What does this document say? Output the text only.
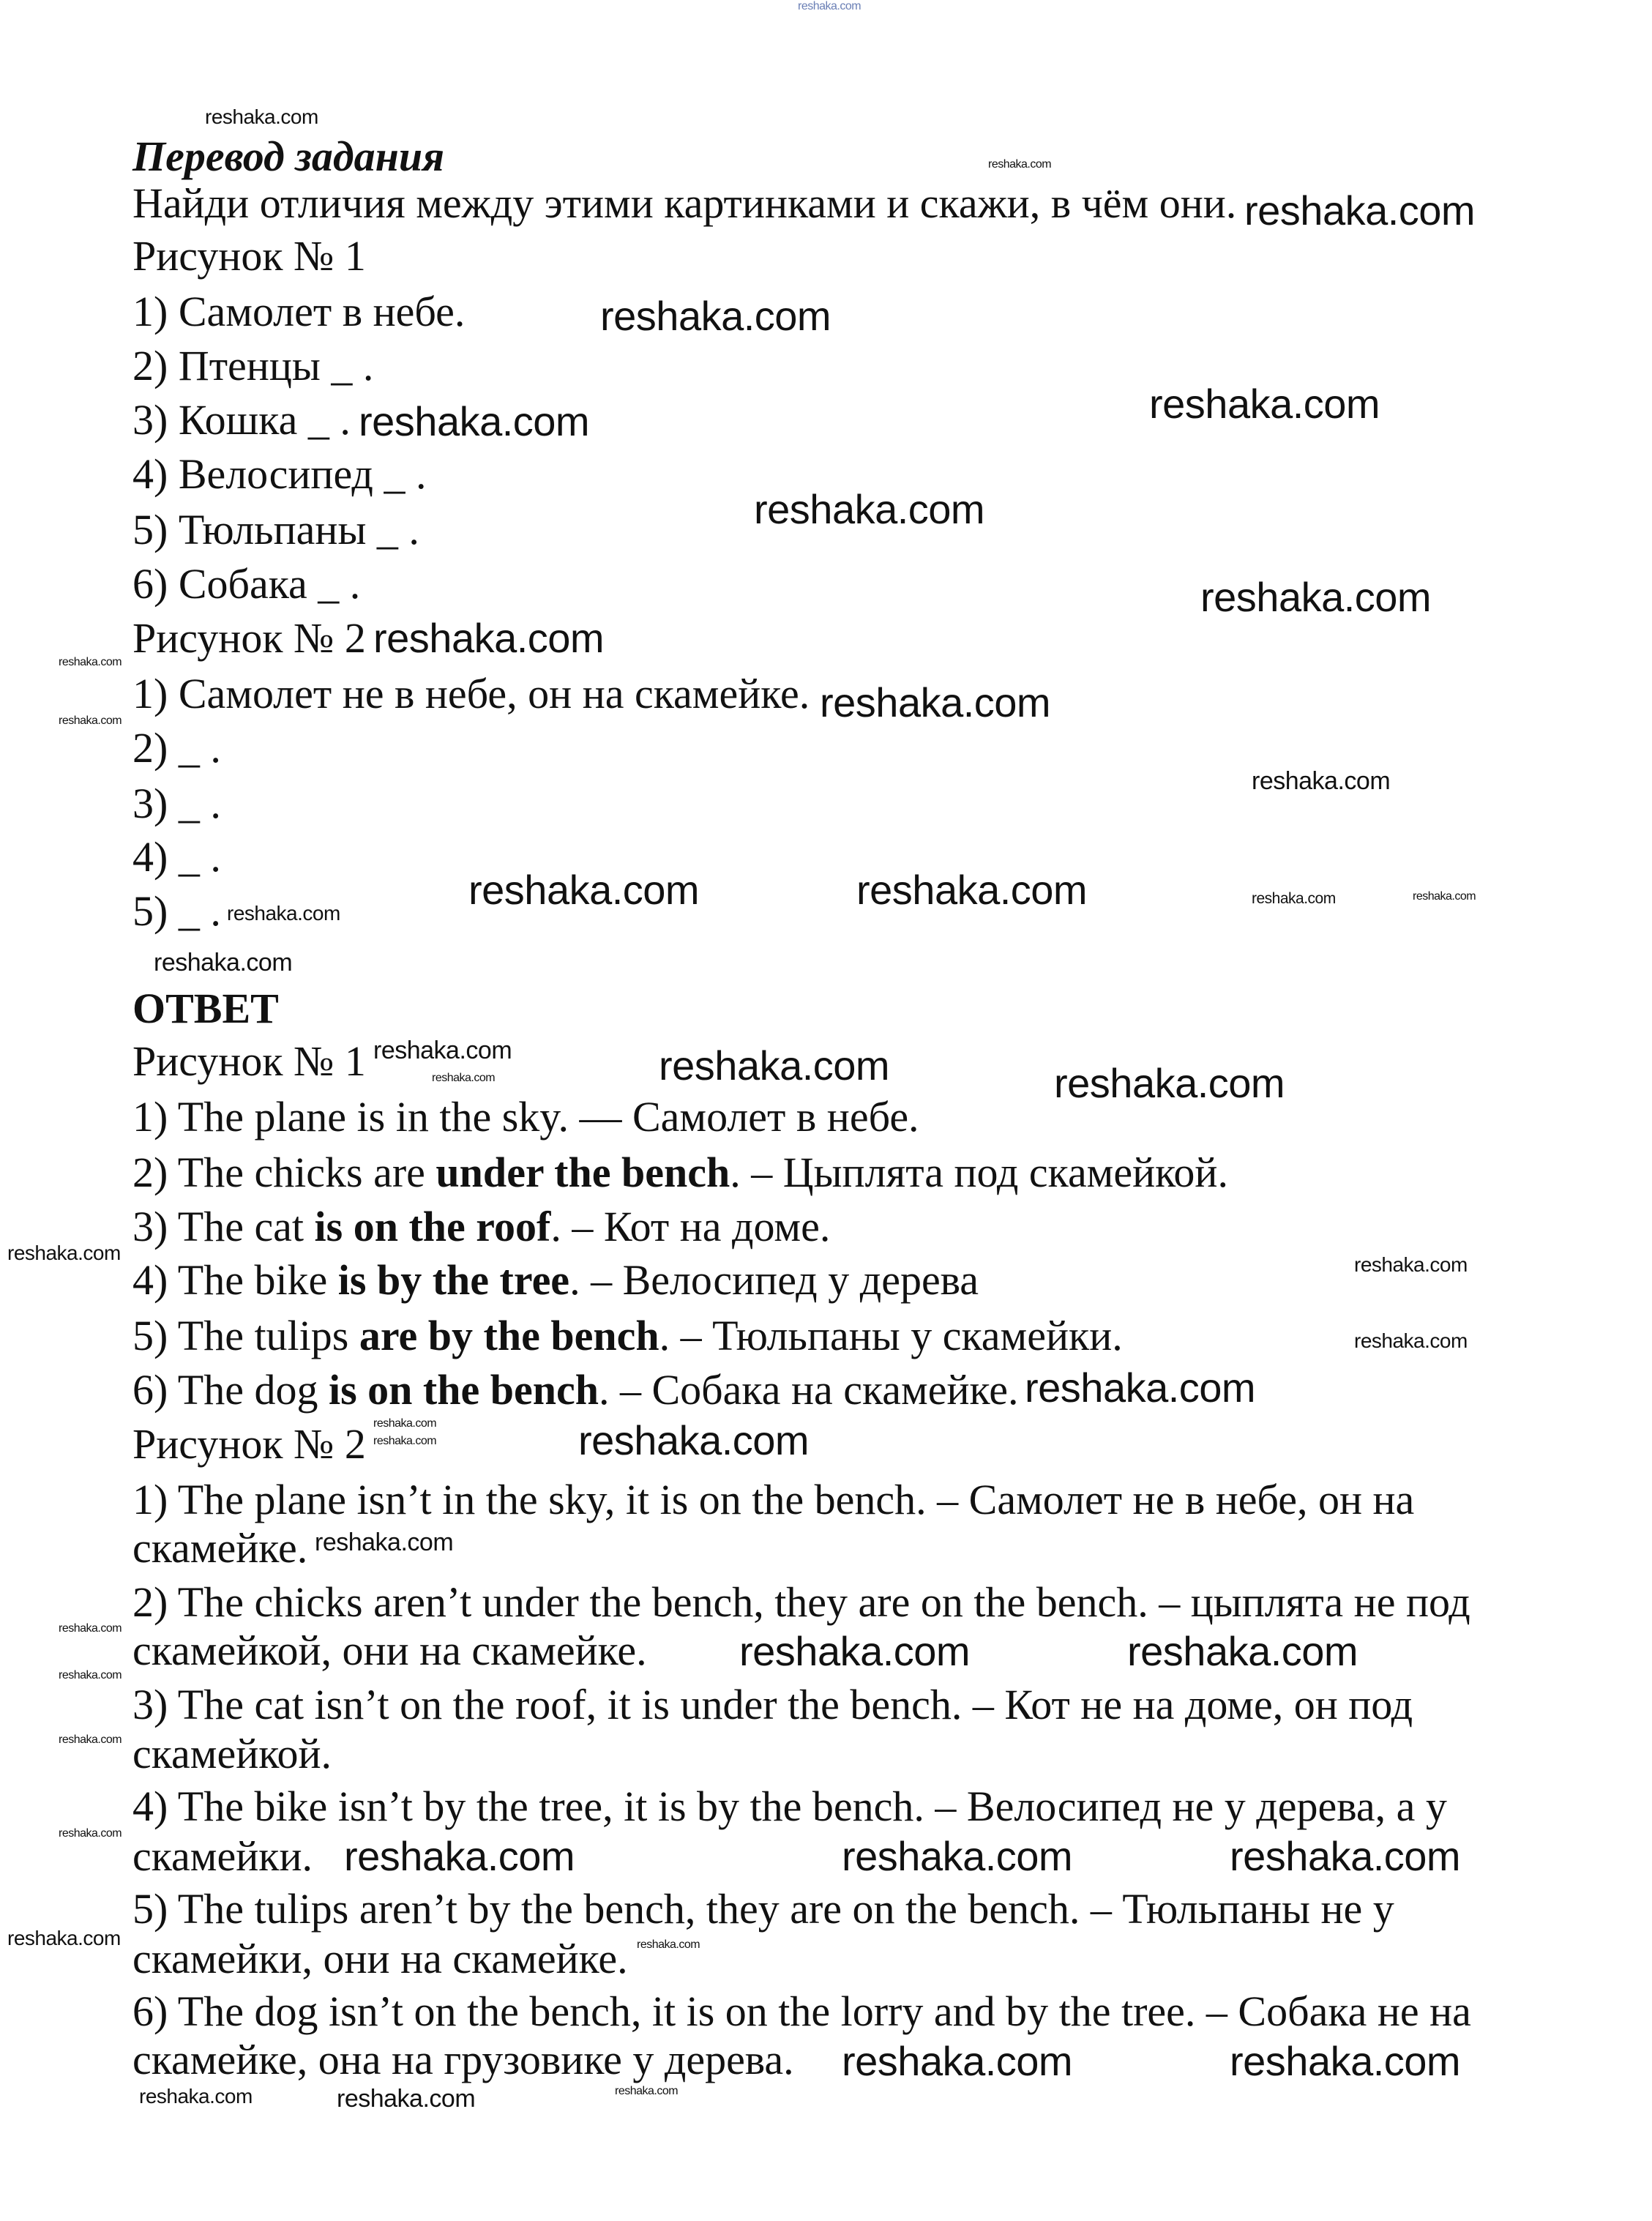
Перевод задания
Найди отличия между этими картинками и скажи, в чём они.
Рисунок № 1
1) Самолет в небе.
2) Птенцы _ .
3) Кошка _ .
4) Велосипед _ .
5) Тюльпаны _ .
6) Собака _ .
Рисунок № 2
1) Самолет не в небе, он на скамейке.
2) _ .
3) _ .
4) _ .
5) _ .
ОТВЕТ
Рисунок № 1
1) The plane is in the sky. — Самолет в небе.
2) The chicks are under the bench. – Цыплята под скамейкой.
3) The cat is on the roof. – Кот на доме.
4) The bike is by the tree. – Велосипед у дерева
5) The tulips are by the bench. – Тюльпаны у скамейки.
6) The dog is on the bench. – Собака на скамейке.
Рисунок № 2
1) The plane isn’t in the sky, it is on the bench. – Самолет не в небе, он на
скамейке.
2) The chicks aren’t under the bench, they are on the bench. – цыплята не под
скамейкой, они на скамейке.
3) The cat isn’t on the roof, it is under the bench. – Кот не на доме, он под
скамейкой.
4) The bike isn’t by the tree, it is by the bench. – Велосипед не у дерева, а у
скамейки.
5) The tulips aren’t by the bench, they are on the bench. – Тюльпаны не у
скамейки, они на скамейке.
6) The dog isn’t on the bench, it is on the lorry and by the tree. – Собака не на
скамейке, она на грузовике у дерева.
reshaka.com
reshaka.com
reshaka.com
reshaka.com
reshaka.com
reshaka.com
reshaka.com
reshaka.com
reshaka.com
reshaka.com
reshaka.com
reshaka.com
reshaka.com
reshaka.com
reshaka.com	reshaka.com	reshaka.com	reshaka.com
reshaka.com
reshaka.com
reshaka.com	reshaka.com	reshaka.com
reshaka.com
reshaka.com
reshaka.com
reshaka.com
reshaka.com
reshaka.com
reshaka.com
reshaka.com
reshaka.com
reshaka.com
reshaka.com	reshaka.com
reshaka.com
reshaka.com
reshaka.com	reshaka.com
reshaka.com	reshaka.com
reshaka.com
reshaka.com
reshaka.com
reshaka.com
reshaka.com	reshaka.com
reshaka.com
